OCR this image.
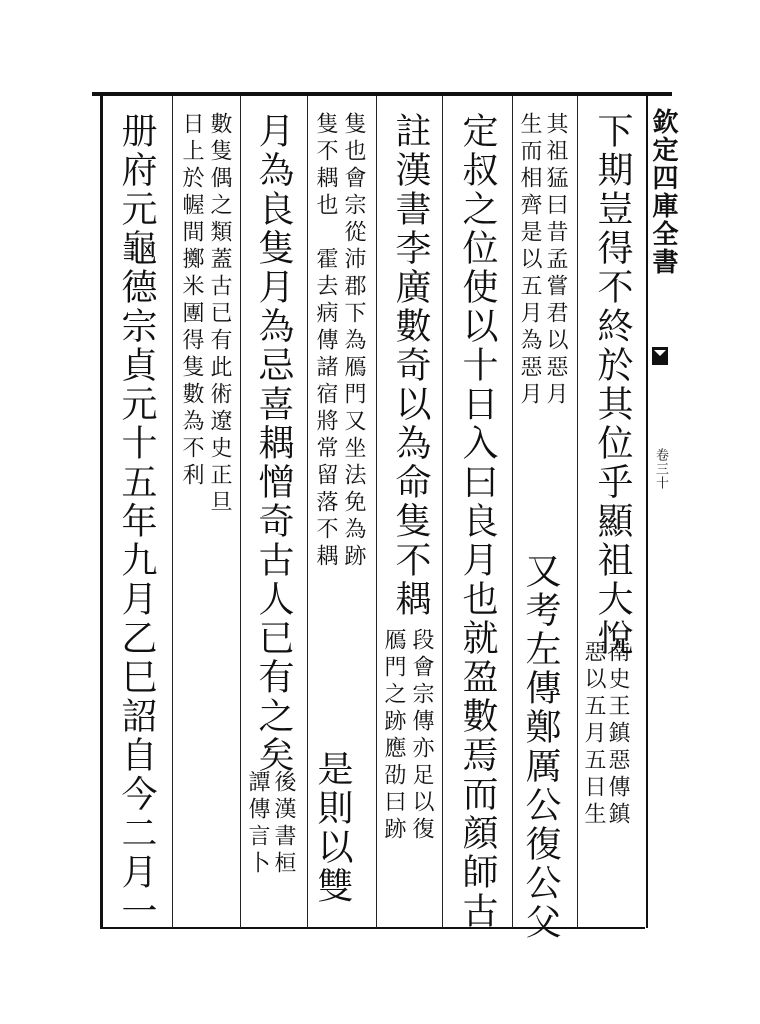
欽定四庫全書
卷三十
下期豈得不終於其位乎顯祖大悅
南史王鎮惡傳鎮
惡以五月五日生
其祖猛曰昔孟嘗君以惡月
生而相齊是以五月為惡月
又考左傳鄭厲公復公父
定叔之位使以十日入曰良月也就盈數焉而顔師古
註漢書李廣數奇以為命隻不耦
段會宗傳亦足以復
鴈門之跡應劭曰跡
隻也會宗從沛郡下為鴈門又坐法免為跡
隻不耦也　霍去病傳諸宿將常留落不耦
是則以雙
月為良隻月為忌喜耦憎奇古人已有之矣
後漢書桓
譚傳言卜
數隻偶之類蓋古已有此術遼史正旦
日上於幄間擲米團得隻數為不利
册府元龜德宗貞元十五年九月乙巳詔自今二月一
